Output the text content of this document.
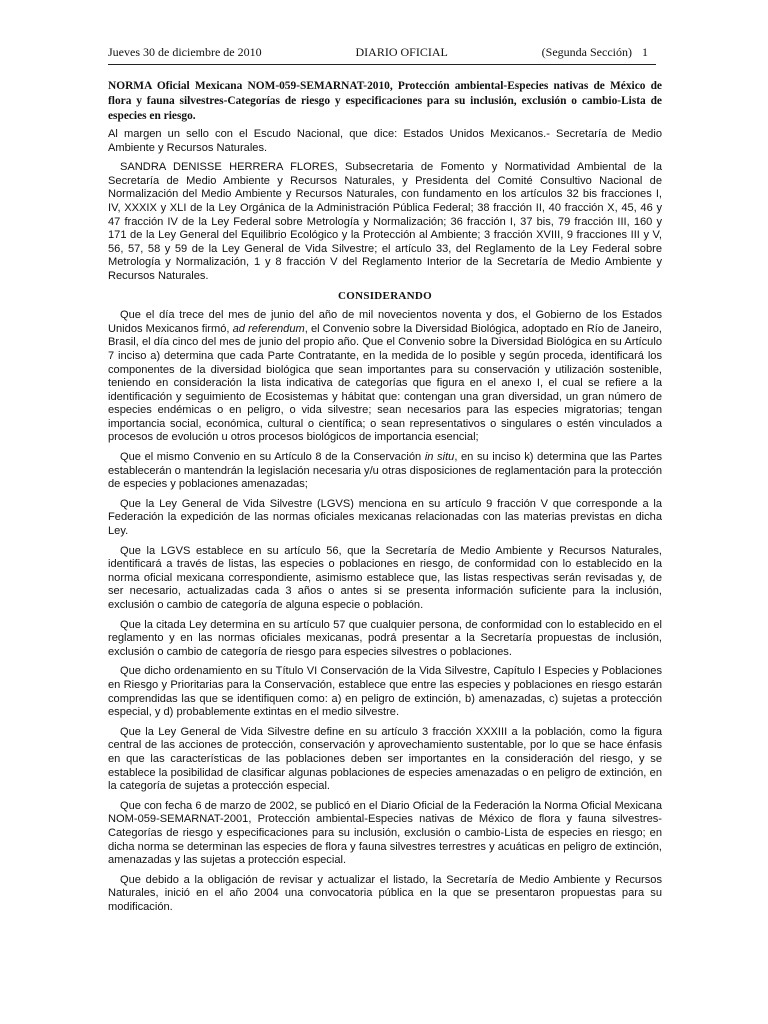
Jueves 30 de diciembre de 2010	DIARIO OFICIAL	(Segunda Sección) 1
NORMA Oficial Mexicana NOM-059-SEMARNAT-2010, Protección ambiental-Especies nativas de México de flora y fauna silvestres-Categorías de riesgo y especificaciones para su inclusión, exclusión o cambio-Lista de especies en riesgo.

Al margen un sello con el Escudo Nacional, que dice: Estados Unidos Mexicanos.- Secretaría de Medio Ambiente y Recursos Naturales.

SANDRA DENISSE HERRERA FLORES, Subsecretaria de Fomento y Normatividad Ambiental de la Secretaría de Medio Ambiente y Recursos Naturales, y Presidenta del Comité Consultivo Nacional de Normalización del Medio Ambiente y Recursos Naturales, con fundamento en los artículos 32 bis fracciones I, IV, XXXIX y XLI de la Ley Orgánica de la Administración Pública Federal; 38 fracción II, 40 fracción X, 45, 46 y 47 fracción IV de la Ley Federal sobre Metrología y Normalización; 36 fracción I, 37 bis, 79 fracción III, 160 y 171 de la Ley General del Equilibrio Ecológico y la Protección al Ambiente; 3 fracción XVIII, 9 fracciones III y V, 56, 57, 58 y 59 de la Ley General de Vida Silvestre; el artículo 33, del Reglamento de la Ley Federal sobre Metrología y Normalización, 1 y 8 fracción V del Reglamento Interior de la Secretaría de Medio Ambiente y Recursos Naturales.

CONSIDERANDO

Que el día trece del mes de junio del año de mil novecientos noventa y dos, el Gobierno de los Estados Unidos Mexicanos firmó, ad referendum, el Convenio sobre la Diversidad Biológica, adoptado en Río de Janeiro, Brasil, el día cinco del mes de junio del propio año. Que el Convenio sobre la Diversidad Biológica en su Artículo 7 inciso a) determina que cada Parte Contratante, en la medida de lo posible y según proceda, identificará los componentes de la diversidad biológica que sean importantes para su conservación y utilización sostenible, teniendo en consideración la lista indicativa de categorías que figura en el anexo I, el cual se refiere a la identificación y seguimiento de Ecosistemas y hábitat que: contengan una gran diversidad, un gran número de especies endémicas o en peligro, o vida silvestre; sean necesarios para las especies migratorias; tengan importancia social, económica, cultural o científica; o sean representativos o singulares o estén vinculados a procesos de evolución u otros procesos biológicos de importancia esencial;

Que el mismo Convenio en su Artículo 8 de la Conservación in situ, en su inciso k) determina que las Partes establecerán o mantendrán la legislación necesaria y/u otras disposiciones de reglamentación para la protección de especies y poblaciones amenazadas;

Que la Ley General de Vida Silvestre (LGVS) menciona en su artículo 9 fracción V que corresponde a la Federación la expedición de las normas oficiales mexicanas relacionadas con las materias previstas en dicha Ley.

Que la LGVS establece en su artículo 56, que la Secretaría de Medio Ambiente y Recursos Naturales, identificará a través de listas, las especies o poblaciones en riesgo, de conformidad con lo establecido en la norma oficial mexicana correspondiente, asimismo establece que, las listas respectivas serán revisadas y, de ser necesario, actualizadas cada 3 años o antes si se presenta información suficiente para la inclusión, exclusión o cambio de categoría de alguna especie o población.

Que la citada Ley determina en su artículo 57 que cualquier persona, de conformidad con lo establecido en el reglamento y en las normas oficiales mexicanas, podrá presentar a la Secretaría propuestas de inclusión, exclusión o cambio de categoría de riesgo para especies silvestres o poblaciones.

Que dicho ordenamiento en su Título VI Conservación de la Vida Silvestre, Capítulo I Especies y Poblaciones en Riesgo y Prioritarias para la Conservación, establece que entre las especies y poblaciones en riesgo estarán comprendidas las que se identifiquen como: a) en peligro de extinción, b) amenazadas, c) sujetas a protección especial, y d) probablemente extintas en el medio silvestre.

Que la Ley General de Vida Silvestre define en su artículo 3 fracción XXXIII a la población, como la figura central de las acciones de protección, conservación y aprovechamiento sustentable, por lo que se hace énfasis en que las características de las poblaciones deben ser importantes en la consideración del riesgo, y se establece la posibilidad de clasificar algunas poblaciones de especies amenazadas o en peligro de extinción, en la categoría de sujetas a protección especial.

Que con fecha 6 de marzo de 2002, se publicó en el Diario Oficial de la Federación la Norma Oficial Mexicana NOM-059-SEMARNAT-2001, Protección ambiental-Especies nativas de México de flora y fauna silvestres-Categorías de riesgo y especificaciones para su inclusión, exclusión o cambio-Lista de especies en riesgo; en dicha norma se determinan las especies de flora y fauna silvestres terrestres y acuáticas en peligro de extinción, amenazadas y las sujetas a protección especial.

Que debido a la obligación de revisar y actualizar el listado, la Secretaría de Medio Ambiente y Recursos Naturales, inició en el año 2004 una convocatoria pública en la que se presentaron propuestas para su modificación.
